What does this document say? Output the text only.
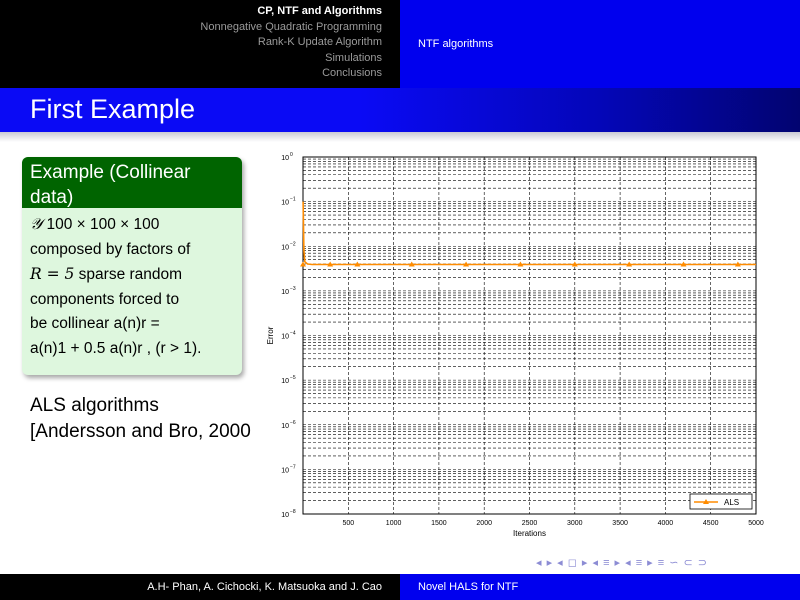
CP, NTF and Algorithms
Nonnegative Quadratic Programming
Rank-K Update Algorithm
Simulations
Conclusions
NTF algorithms
First Example
Example (Collinear data)
𝒴 100 × 100 × 100
composed by factors of
R = 5 sparse random
components forced to
be collinear a(n)r =
a(n)1 + 0.5 a(n)r , (r > 1).
ALS algorithms
[Andersson and Bro, 2000
10 0
10 −1
10 −2
10 −3
10 −4
10 −5
10 −6
10 −7
10 −8
500	1000	1500	2000	2500	3000	3500	4000	4500	5000
Iterations
Error
ALS
◂ ▸ ◂ ◻ ▸ ◂ ≡ ▸ ◂ ≡ ▸ ≡ ∽ ⊂ ⊃
A.H- Phan, A. Cichocki, K. Matsuoka and J. Cao	Novel HALS for NTF
